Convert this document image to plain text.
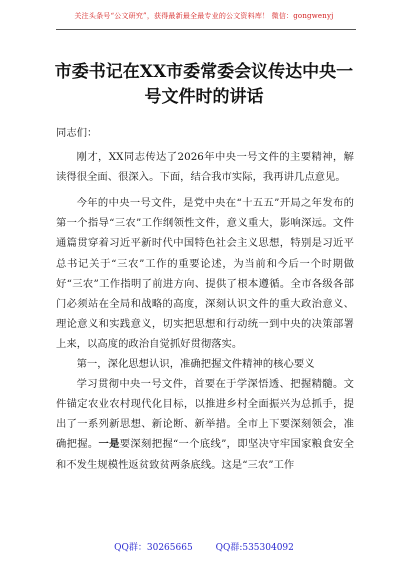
关注头条号“公文研究”，获得最新最全最专业的公文资料库！ 微信：gongwenyj
市委书记在XX市委常委会议传达中央一
号文件时的讲话

同志们：

刚才，XX同志传达了2026年中央一号文件的主要精神，解读得很全面、很深入。下面，结合我市实际，我再讲几点意见。

今年的中央一号文件，是党中央在“十五五”开局之年发布的第一个指导“三农”工作纲领性文件，意义重大，影响深远。文件通篇贯穿着习近平新时代中国特色社会主义思想，特别是习近平总书记关于“三农”工作的重要论述，为当前和今后一个时期做好“三农”工作指明了前进方向、提供了根本遵循。全市各级各部门必须站在全局和战略的高度，深刻认识文件的重大政治意义、理论意义和实践意义，切实把思想和行动统一到中央的决策部署上来，以高度的政治自觉抓好贯彻落实。

第一，深化思想认识，准确把握文件精神的核心要义

学习贯彻中央一号文件，首要在于学深悟透、把握精髓。文件锚定农业农村现代化目标，以推进乡村全面振兴为总抓手，提出了一系列新思想、新论断、新举措。全市上下要深刻领会，准确把握。一是要深刻把握“一个底线”，即坚决守牢国家粮食安全和不发生规模性返贫致贫两条底线。这是“三农”工作

QQ群：30265665	QQ群:535304092
